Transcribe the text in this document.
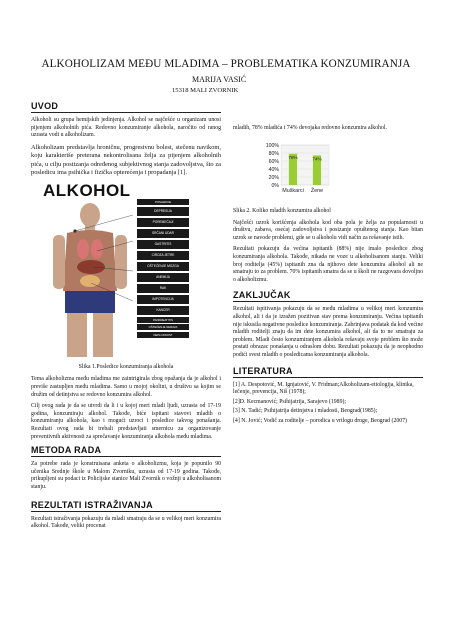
ALKOHOLIZAM MEĐU MLADIMA – PROBLEMATIKA KONZUMIRANJA
MARIJA VASIĆ
15318 MALI ZVORNIK
UVOD
Alkoholi su grupa hemijskih jedinjenja. Alkohol se najčešće u organizam unosi pijenjem alkoholnih pića. Redovno konzumiranje alkohola, naročito od ranog uzrasta vodi u alkoholizam.
Alkoholizam predstavlja hroničnu, progresivnu bolest, stečenu navikom, koju karakteriše preterana nekontrolisana želja za pijenjem alkoholnih pića, u cilju postizanja određenog subjektivnog stanja zadovoljstva, što za posledicu ima psihička i fizička opterećenja i propadanja [1].
ALKOHOL
POSLEDICE
DEPRESIJA
POREMEĆAJI
SRČANI UDAR
GASTRITIS
CIROZA JETRE
OŠTEĆENJE MOZGA
ANEMIJA
RAK
IMPOTENCIJA
KANCER
PANKREATITIS
OŠTEĆENJE NERAVA
NEPLODNOST
Slika 1.Posledice konzumiranja alkohola
Tema alkoholizma među mladima me zaintrigirala zbog opažanja da je alkohol i previše zastupljen među mladima. Samo u mojoj okolini, u društvu sa kojim se družim od detinjstva se redovno konzumira alkohol.
Cilj ovog rada je da se utvrdi da li i u kojoj meri mladi ljudi, uzrasta od 17-19 godina, konzumiraju alkohol. Takođe, biće ispitani stavovi mladih o konzumiranju alkohola, kao i mogući uzroci i posledice takvog ponašanja. Rezultati ovog rada bi trebali predstavljati smernicu za organizovanje preventivnih aktivnosti za sprečavanje konzumiranja alkohola među mladima.
METODA RADA
Za potrebe rada je konstruisana anketa o alkoholizmu, koja je popunilo 90 učenika Srednje škole u Malom Zvorniku, uzrasta od 17-19 godina. Takođe, prikupljeni su podaci iz Policijske stanice Mali Zvornik o vožnji u alkoholisanom stanju.
REZULTATI ISTRAŽIVANJA
Rezultati istraživanja pokazuju da mladi smatraju da se u velikoj meri konzumira alkohol. Takođe, veliki procenat
mladih, 78% mladića i 74% devojaka redovno konzumira alkohol.
100%
80%
60%
40%
20%
0%
78%
Muškarci
74%
Žene
Slika 2. Koliko mladih konzumira alkohol
Najčešći uzrok korišćenja alkohola kod oba pola je želja za popularnosti u društvu, zabava, osećaj zadovoljstva i posizanje opuštenog stanja. Kao bitan uzrok se navode problemi, gde se u alkoholu vidi način za rešavanje istih.
Rezultati pokazuju da većina ispitanih (88%) nije imalo posledice zbog konzumiranja alkohola. Takođe, nikada ne voze u alkoholisanom stanju. Veliki broj roditelja (45%) ispitanih zna da njihovo dete konzumira alkohol ali ne smatraju to za problem. 70% ispitanih smatra da se u školi ne razgovara dovoljno o alkoholizmu.
ZAKLJUČAK
Rezultati ispitivanja pokazuju da se među mladima u velikoj meri konzumira alkohol, ali i da je izražen pozitivan stav prema konzumiranju. Većina ispitanih nije iskusila negativne posledice konzumiranja. Zabrinjava podatak da kod većine mladih roditelji znaju da im dete konzumira alkohol, ali da to ne smatraju za problem. Mladi često konzumiranjem alkohola rešavaju svoje problem što može postati obrazac ponašanja u odraslom dobu. Rezultati pokazuju da je neophodno podići svest mladih o posledicama konzumiranja alkohola.
LITERATURA
[1] A. Despotović, M. Ignjatović, V. Fridman;Alkoholizam-etiologija, klinika, lečenje, prevencija, Niš (1978);
[2]D. Kecmanović; Psihijatrija, Sarajevo (1989);
[3] N. Tadić; Psihijatrija detinjstva i mladosti, Beograd(1985);
[4] N. Jović; Vodič za roditelje – porodica u vrtlogu droge, Beograd (2007)
